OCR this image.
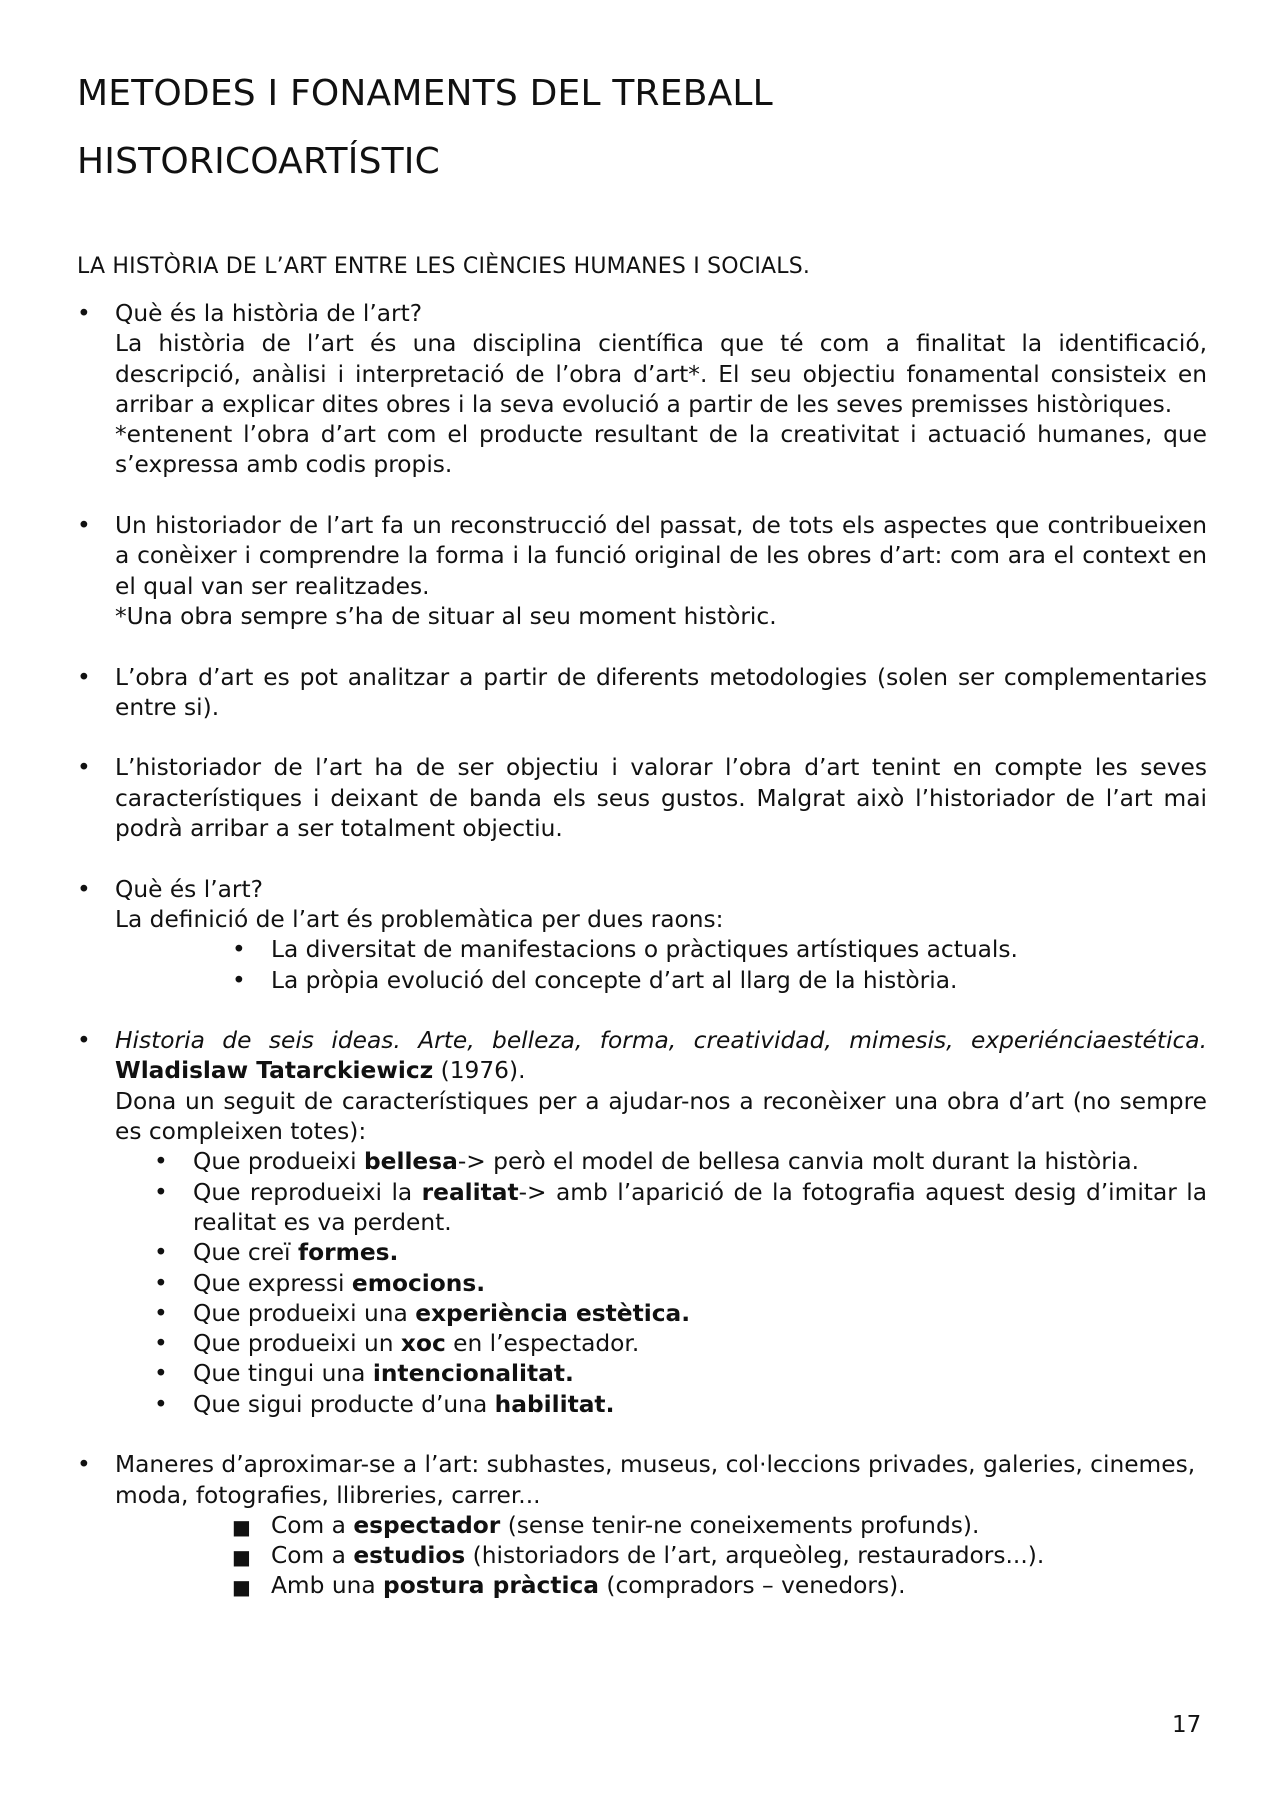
METODES I FONAMENTS DEL TREBALL
HISTORICOARTÍSTIC
LA HISTÒRIA DE L’ART ENTRE LES CIÈNCIES HUMANES I SOCIALS.
• Què és la història de l’art?
La història de l’art és una disciplina científica que té com a finalitat la identificació, descripció, anàlisi i interpretació de l’obra d’art*. El seu objectiu fonamental consisteix en arribar a explicar dites obres i la seva evolució a partir de les seves premisses històriques.
*entenent l’obra d’art com el producte resultant de la creativitat i actuació humanes, que s’expressa amb codis propis.
• Un historiador de l’art fa un reconstrucció del passat, de tots els aspectes que contribueixen a conèixer i comprendre la forma i la funció original de les obres d’art: com ara el context en el qual van ser realitzades.
*Una obra sempre s’ha de situar al seu moment històric.
• L’obra d’art es pot analitzar a partir de diferents metodologies (solen ser complementaries entre si).
• L’historiador de l’art ha de ser objectiu i valorar l’obra d’art tenint en compte les seves característiques i deixant de banda els seus gustos. Malgrat això l’historiador de l’art mai podrà arribar a ser totalment objectiu.
• Què és l’art?
La definició de l’art és problemàtica per dues raons:
• La diversitat de manifestacions o pràctiques artístiques actuals.
• La pròpia evolució del concepte d’art al llarg de la història.
• Historia de seis ideas. Arte, belleza, forma, creatividad, mimesis, experiénciaestética. Wladislaw Tatarckiewicz (1976).
Dona un seguit de característiques per a ajudar-nos a reconèixer una obra d’art (no sempre es compleixen totes):
• Que produeixi bellesa-> però el model de bellesa canvia molt durant la història.
• Que reprodueixi la realitat-> amb l’aparició de la fotografia aquest desig d’imitar la realitat es va perdent.
• Que creï formes.
• Que expressi emocions.
• Que produeixi una experiència estètica.
• Que produeixi un xoc en l’espectador.
• Que tingui una intencionalitat.
• Que sigui producte d’una habilitat.
• Maneres d’aproximar-se a l’art: subhastes, museus, col·leccions privades, galeries, cinemes, moda, fotografies, llibreries, carrer...
■ Com a espectador (sense tenir-ne coneixements profunds).
■ Com a estudios (historiadors de l’art, arqueòleg, restauradors...).
■ Amb una postura pràctica (compradors – venedors).
17
